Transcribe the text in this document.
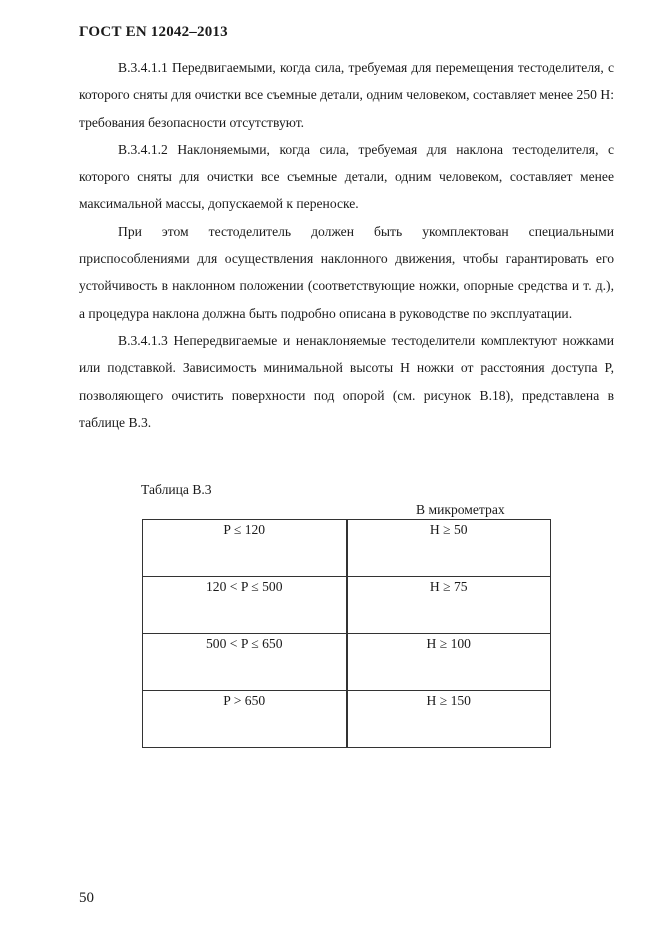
ГОСТ EN 12042–2013

В.3.4.1.1 Передвигаемыми, когда сила, требуемая для перемещения тестоделителя, с которого сняты для очистки все съемные детали, одним человеком, составляет менее 250 Н: требования безопасности отсутствуют.

В.3.4.1.2 Наклоняемыми, когда сила, требуемая для наклона тестоделителя, с которого сняты для очистки все съемные детали, одним человеком, составляет менее максимальной массы, допускаемой к переноске.

При этом тестоделитель должен быть укомплектован специальными приспособлениями для осуществления наклонного движения, чтобы гарантировать его устойчивость в наклонном положении (соответствующие ножки, опорные средства и т. д.), а процедура наклона должна быть подробно описана в руководстве по эксплуатации.

В.3.4.1.3 Непередвигаемые и ненаклоняемые тестоделители комплектуют ножками или подставкой. Зависимость минимальной высоты H ножки от расстояния доступа P, позволяющего очистить поверхности под опорой (см. рисунок В.18), представлена в таблице В.3.

Таблица В.3
В микрометрах
P ≤ 120	H ≥ 50
120 < P ≤ 500	H ≥ 75
500 < P ≤ 650	H ≥ 100
P > 650	H ≥ 150
50
